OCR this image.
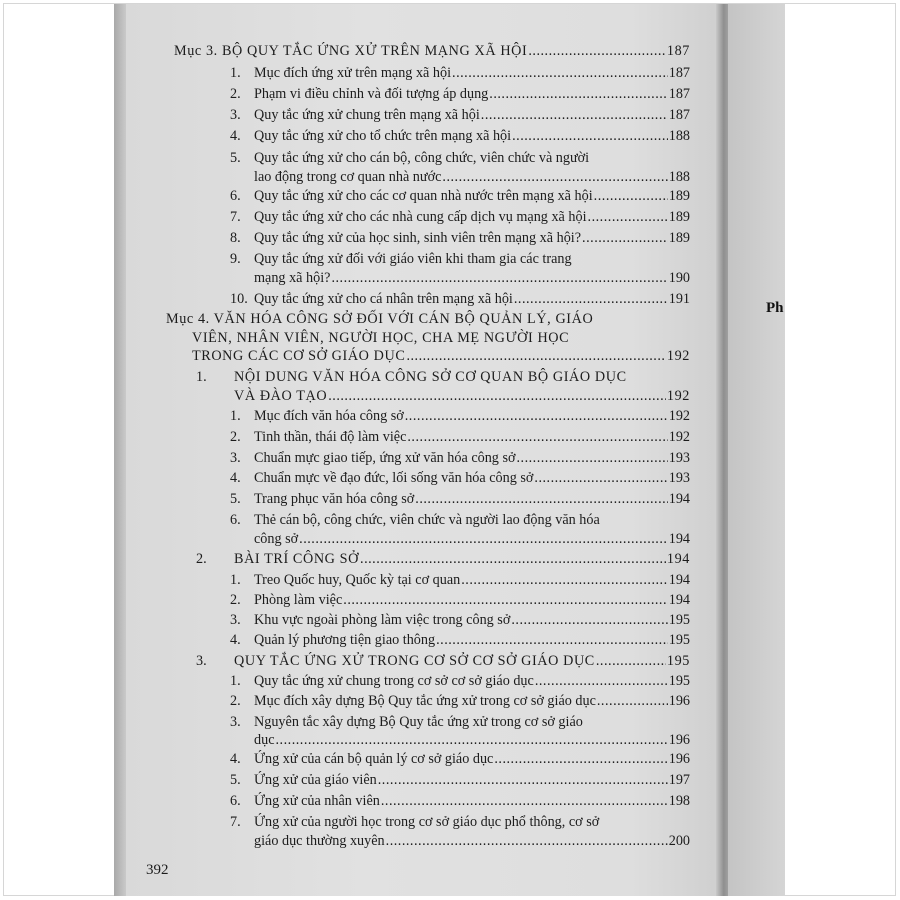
Mục 3. BỘ QUY TẮC ỨNG XỬ TRÊN MẠNG XÃ HỘI .....	187
1. Mục đích ứng xử trên mạng xã hội .....	187
2. Phạm vi điều chỉnh và đối tượng áp dụng .....	187
3. Quy tắc ứng xử chung trên mạng xã hội .....	187
4. Quy tắc ứng xử cho tổ chức trên mạng xã hội .....	188
5. Quy tắc ứng xử cho cán bộ, công chức, viên chức và người
lao động trong cơ quan nhà nước .....	188
6. Quy tắc ứng xử cho các cơ quan nhà nước trên mạng xã hội .....	189
7. Quy tắc ứng xử cho các nhà cung cấp dịch vụ mạng xã hội .....	189
8. Quy tắc ứng xử của học sinh, sinh viên trên mạng xã hội? .....	189
9. Quy tắc ứng xử đối với giáo viên khi tham gia các trang
mạng xã hội? .....	190
10. Quy tắc ứng xử cho cá nhân trên mạng xã hội .....	191
Mục 4. VĂN HÓA CÔNG SỞ ĐỐI VỚI CÁN BỘ QUẢN LÝ, GIÁO
VIÊN, NHÂN VIÊN, NGƯỜI HỌC, CHA MẸ NGƯỜI HỌC
TRONG CÁC CƠ SỞ GIÁO DỤC .....	192
1. NỘI DUNG VĂN HÓA CÔNG SỞ CƠ QUAN BỘ GIÁO DỤC
VÀ ĐÀO TẠO .....	192
1. Mục đích văn hóa công sở .....	192
2. Tinh thần, thái độ làm việc .....	192
3. Chuẩn mực giao tiếp, ứng xử văn hóa công sở .....	193
4. Chuẩn mực về đạo đức, lối sống văn hóa công sở .....	193
5. Trang phục văn hóa công sở .....	194
6. Thẻ cán bộ, công chức, viên chức và người lao động văn hóa
công sở .....	194
2. BÀI TRÍ CÔNG SỞ .....	194
1. Treo Quốc huy, Quốc kỳ tại cơ quan .....	194
2. Phòng làm việc .....	194
3. Khu vực ngoài phòng làm việc trong công sở .....	195
4. Quản lý phương tiện giao thông .....	195
3. QUY TẮC ỨNG XỬ TRONG CƠ SỞ CƠ SỞ GIÁO DỤC .....	195
1. Quy tắc ứng xử chung trong cơ sở cơ sở giáo dục .....	195
2. Mục đích xây dựng Bộ Quy tắc ứng xử trong cơ sở giáo dục .....	196
3. Nguyên tắc xây dựng Bộ Quy tắc ứng xử trong cơ sở giáo
dục .....	196
4. Ứng xử của cán bộ quản lý cơ sở giáo dục .....	196
5. Ứng xử của giáo viên .....	197
6. Ứng xử của nhân viên .....	198
7. Ứng xử của người học trong cơ sở giáo dục phổ thông, cơ sở
giáo dục thường xuyên .....	200
392
Ph
